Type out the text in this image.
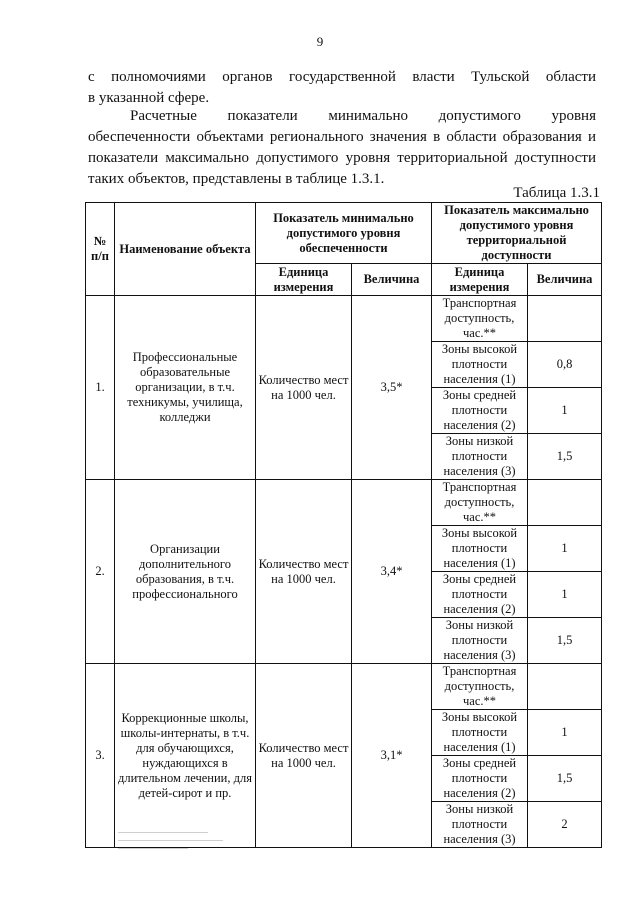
9
с полномочиями органов государственной власти Тульской области
в указанной сфере.
Расчетные показатели минимально допустимого уровня
обеспеченности объектами регионального значения в области образования и
показатели максимально допустимого уровня территориальной доступности
таких объектов, представлены в таблице 1.3.1.
Таблица 1.3.1
№ п/п	Наименование объекта	Показатель минимально допустимого уровня обеспеченности		Показатель максимально допустимого уровня территориальной доступности	
		Единица измерения	Величина	Единица измерения	Величина
1.	Профессиональные образовательные организации, в т.ч. техникумы, училища, колледжи	Количество мест на 1000 чел.	3,5*	Транспортная доступность, час.**	
				Зоны высокой плотности населения (1)	0,8
				Зоны средней плотности населения (2)	1
				Зоны низкой плотности населения (3)	1,5
2.	Организации дополнительного образования, в т.ч. профессионального	Количество мест на 1000 чел.	3,4*	Транспортная доступность, час.**	
				Зоны высокой плотности населения (1)	1
				Зоны средней плотности населения (2)	1
				Зоны низкой плотности населения (3)	1,5
3.	Коррекционные школы, школы-интернаты, в т.ч. для обучающихся, нуждающихся в длительном лечении, для детей-сирот и пр.	Количество мест на 1000 чел.	3,1*	Транспортная доступность, час.**	
				Зоны высокой плотности населения (1)	1
				Зоны средней плотности населения (2)	1,5
				Зоны низкой плотности населения (3)	2
